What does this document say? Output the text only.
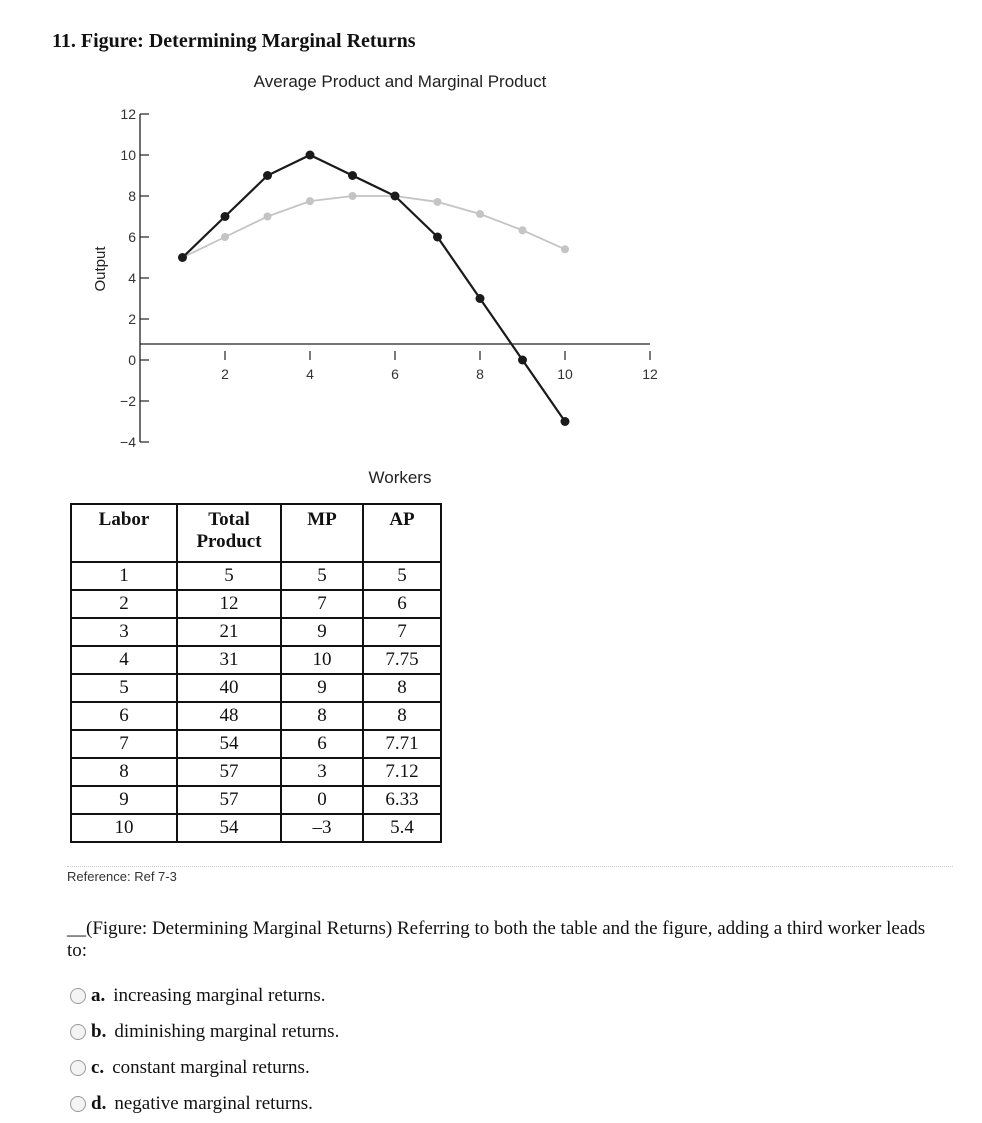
11. Figure: Determining Marginal Returns
Average Product and Marginal Product
12
10
8
6
4
2
0
−2
−4
2	4	6	8	10	12
Output
Workers
Labor	Total Product	MP	AP
1	5	5	5
2	12	7	6
3	21	9	7
4	31	10	7.75
5	40	9	8
6	48	8	8
7	54	6	7.71
8	57	3	7.12
9	57	0	6.33
10	54	–3	5.4
Reference: Ref 7-3

__(Figure: Determining Marginal Returns) Referring to both the table and the figure, adding a third worker leads to:

a. increasing marginal returns.
b. diminishing marginal returns.
c. constant marginal returns.
d. negative marginal returns.
